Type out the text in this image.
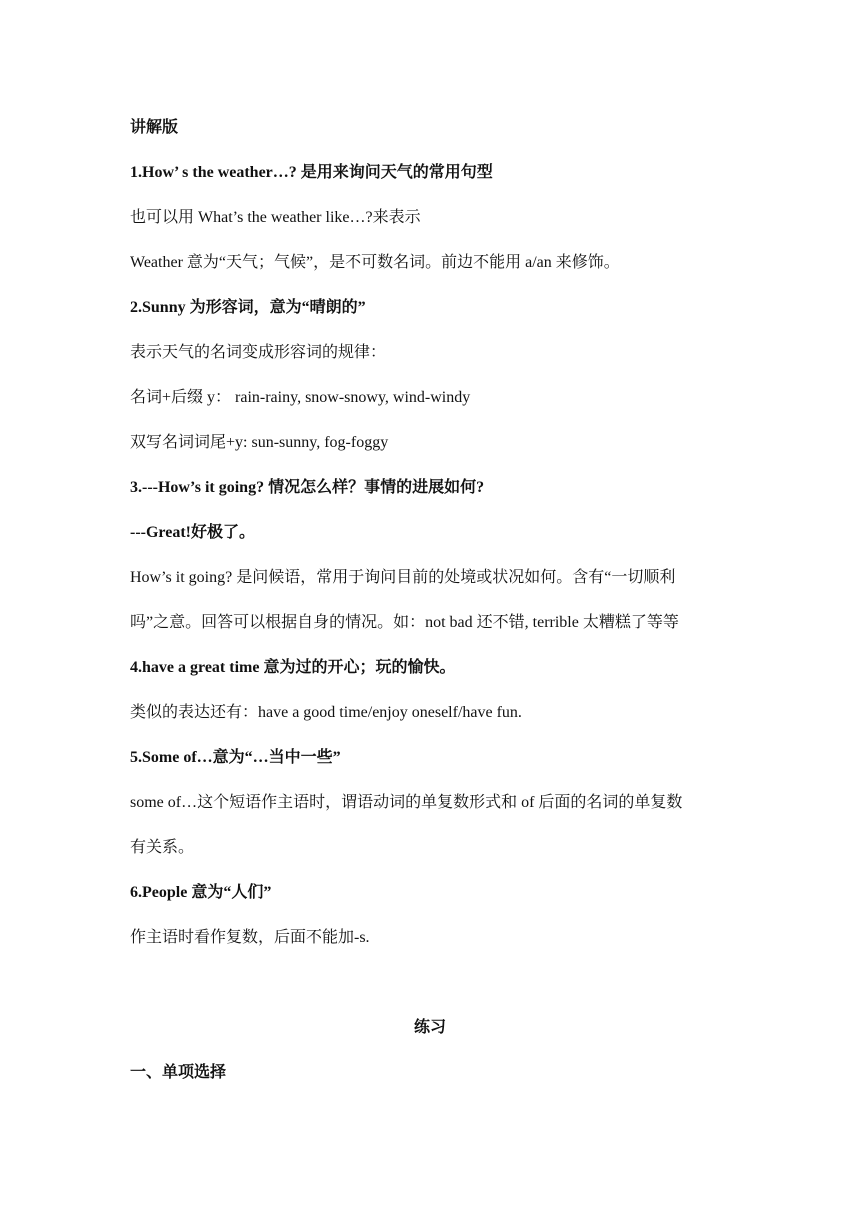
讲解版
1.How’ s the weather…? 是用来询问天气的常用句型
也可以用 What’s the weather like…?来表示
Weather 意为“天气；气候”，是不可数名词。前边不能用 a/an 来修饰。
2.Sunny 为形容词，意为“晴朗的”
表示天气的名词变成形容词的规律：
名词+后缀 y： rain-rainy, snow-snowy, wind-windy
双写名词词尾+y: sun-sunny, fog-foggy
3.---How’s it going? 情况怎么样？事情的进展如何?
---Great!好极了。
How’s it going? 是问候语，常用于询问目前的处境或状况如何。含有“一切顺利
吗”之意。回答可以根据自身的情况。如：not bad 还不错, terrible 太糟糕了等等
4.have a great time 意为过的开心；玩的愉快。
类似的表达还有：have a good time/enjoy oneself/have fun.
5.Some of…意为“…当中一些”
some of…这个短语作主语时，谓语动词的单复数形式和 of 后面的名词的单复数
有关系。
6.People 意为“人们”
作主语时看作复数，后面不能加-s.
练习
一、单项选择
